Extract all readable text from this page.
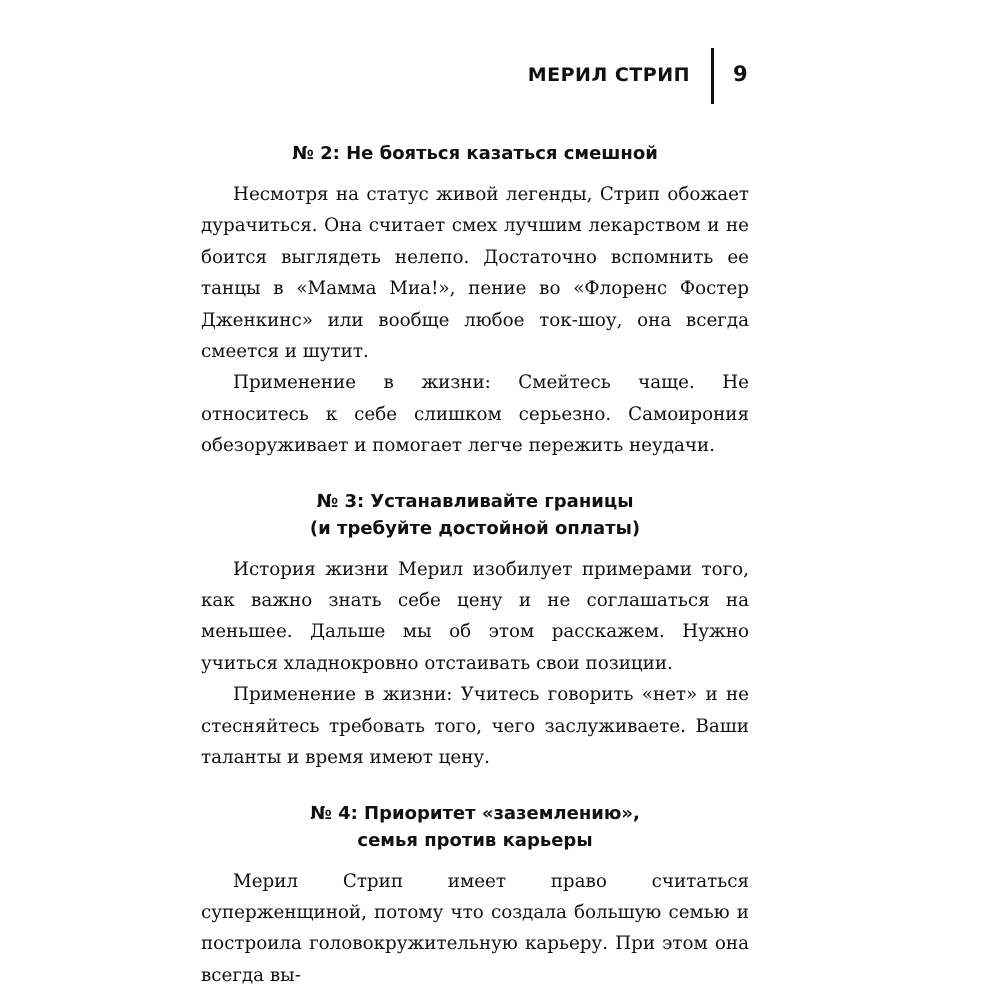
МЕРИЛ СТРИП 9
№ 2: Не бояться казаться смешной

Несмотря на статус живой легенды, Стрип обожает дурачиться. Она считает смех лучшим лекарством и не боится выглядеть нелепо. Достаточно вспомнить ее танцы в «Мамма Миа!», пение во «Флоренс Фостер Дженкинс» или вообще любое ток-шоу, она всегда смеется и шутит.

Применение в жизни: Смейтесь чаще. Не относитесь к себе слишком серьезно. Самоирония обезоруживает и помогает легче пережить неудачи.

№ 3: Устанавливайте границы
(и требуйте достойной оплаты)

История жизни Мерил изобилует примерами того, как важно знать себе цену и не соглашаться на меньшее. Дальше мы об этом расскажем. Нужно учиться хладнокровно отстаивать свои позиции.

Применение в жизни: Учитесь говорить «нет» и не стесняйтесь требовать того, чего заслуживаете. Ваши таланты и время имеют цену.

№ 4: Приоритет «заземлению»,
семья против карьеры

Мерил Стрип имеет право считаться суперженщиной, потому что создала большую семью и построила головокружительную карьеру. При этом она всегда вы-
